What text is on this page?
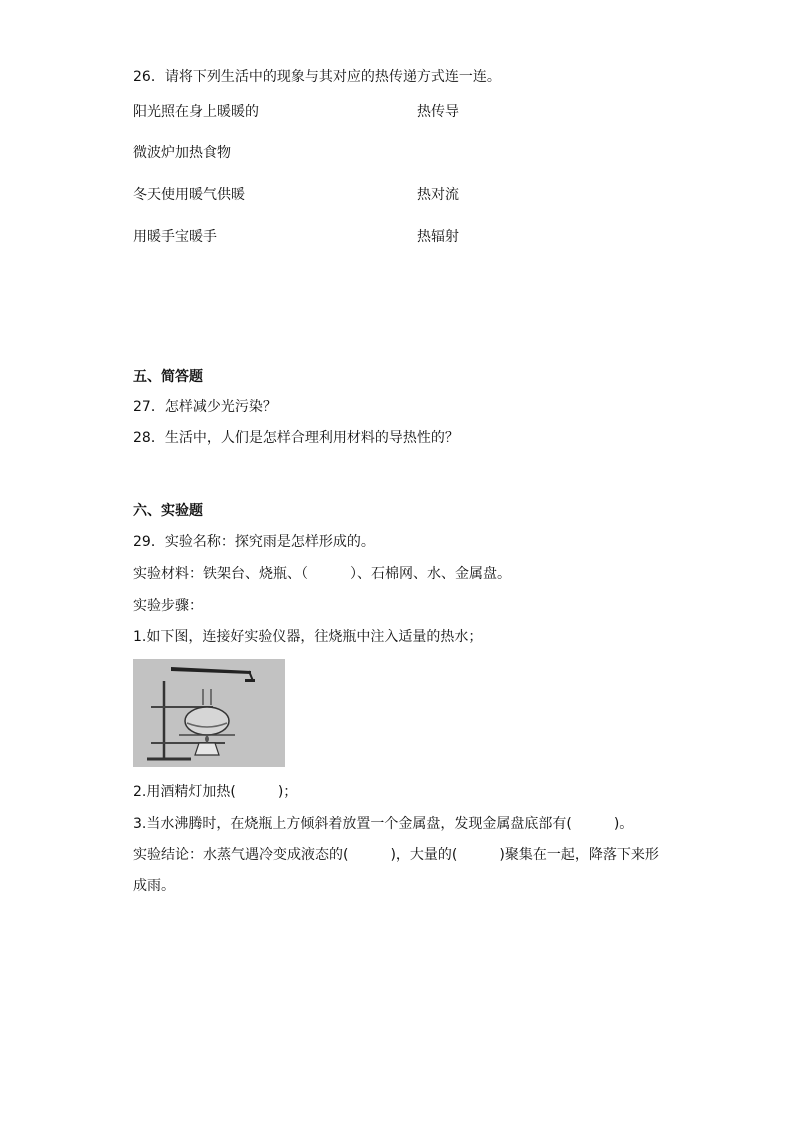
26．请将下列生活中的现象与其对应的热传递方式连一连。
阳光照在身上暖暖的
微波炉加热食物
冬天使用暖气供暖
用暖手宝暖手
热传导
热对流
热辐射
五、简答题
27．怎样减少光污染？
28．生活中，人们是怎样合理利用材料的导热性的？
六、实验题
29．实验名称：探究雨是怎样形成的。
实验材料：铁架台、烧瓶、（　　　）、石棉网、水、金属盘。
实验步骤：
1.如下图，连接好实验仪器，往烧瓶中注入适量的热水；
2.用酒精灯加热(　　　)；
3.当水沸腾时，在烧瓶上方倾斜着放置一个金属盘，发现金属盘底部有(　　　)。
实验结论：水蒸气遇冷变成液态的(　　　)，大量的(　　　)聚集在一起，降落下来形
成雨。
